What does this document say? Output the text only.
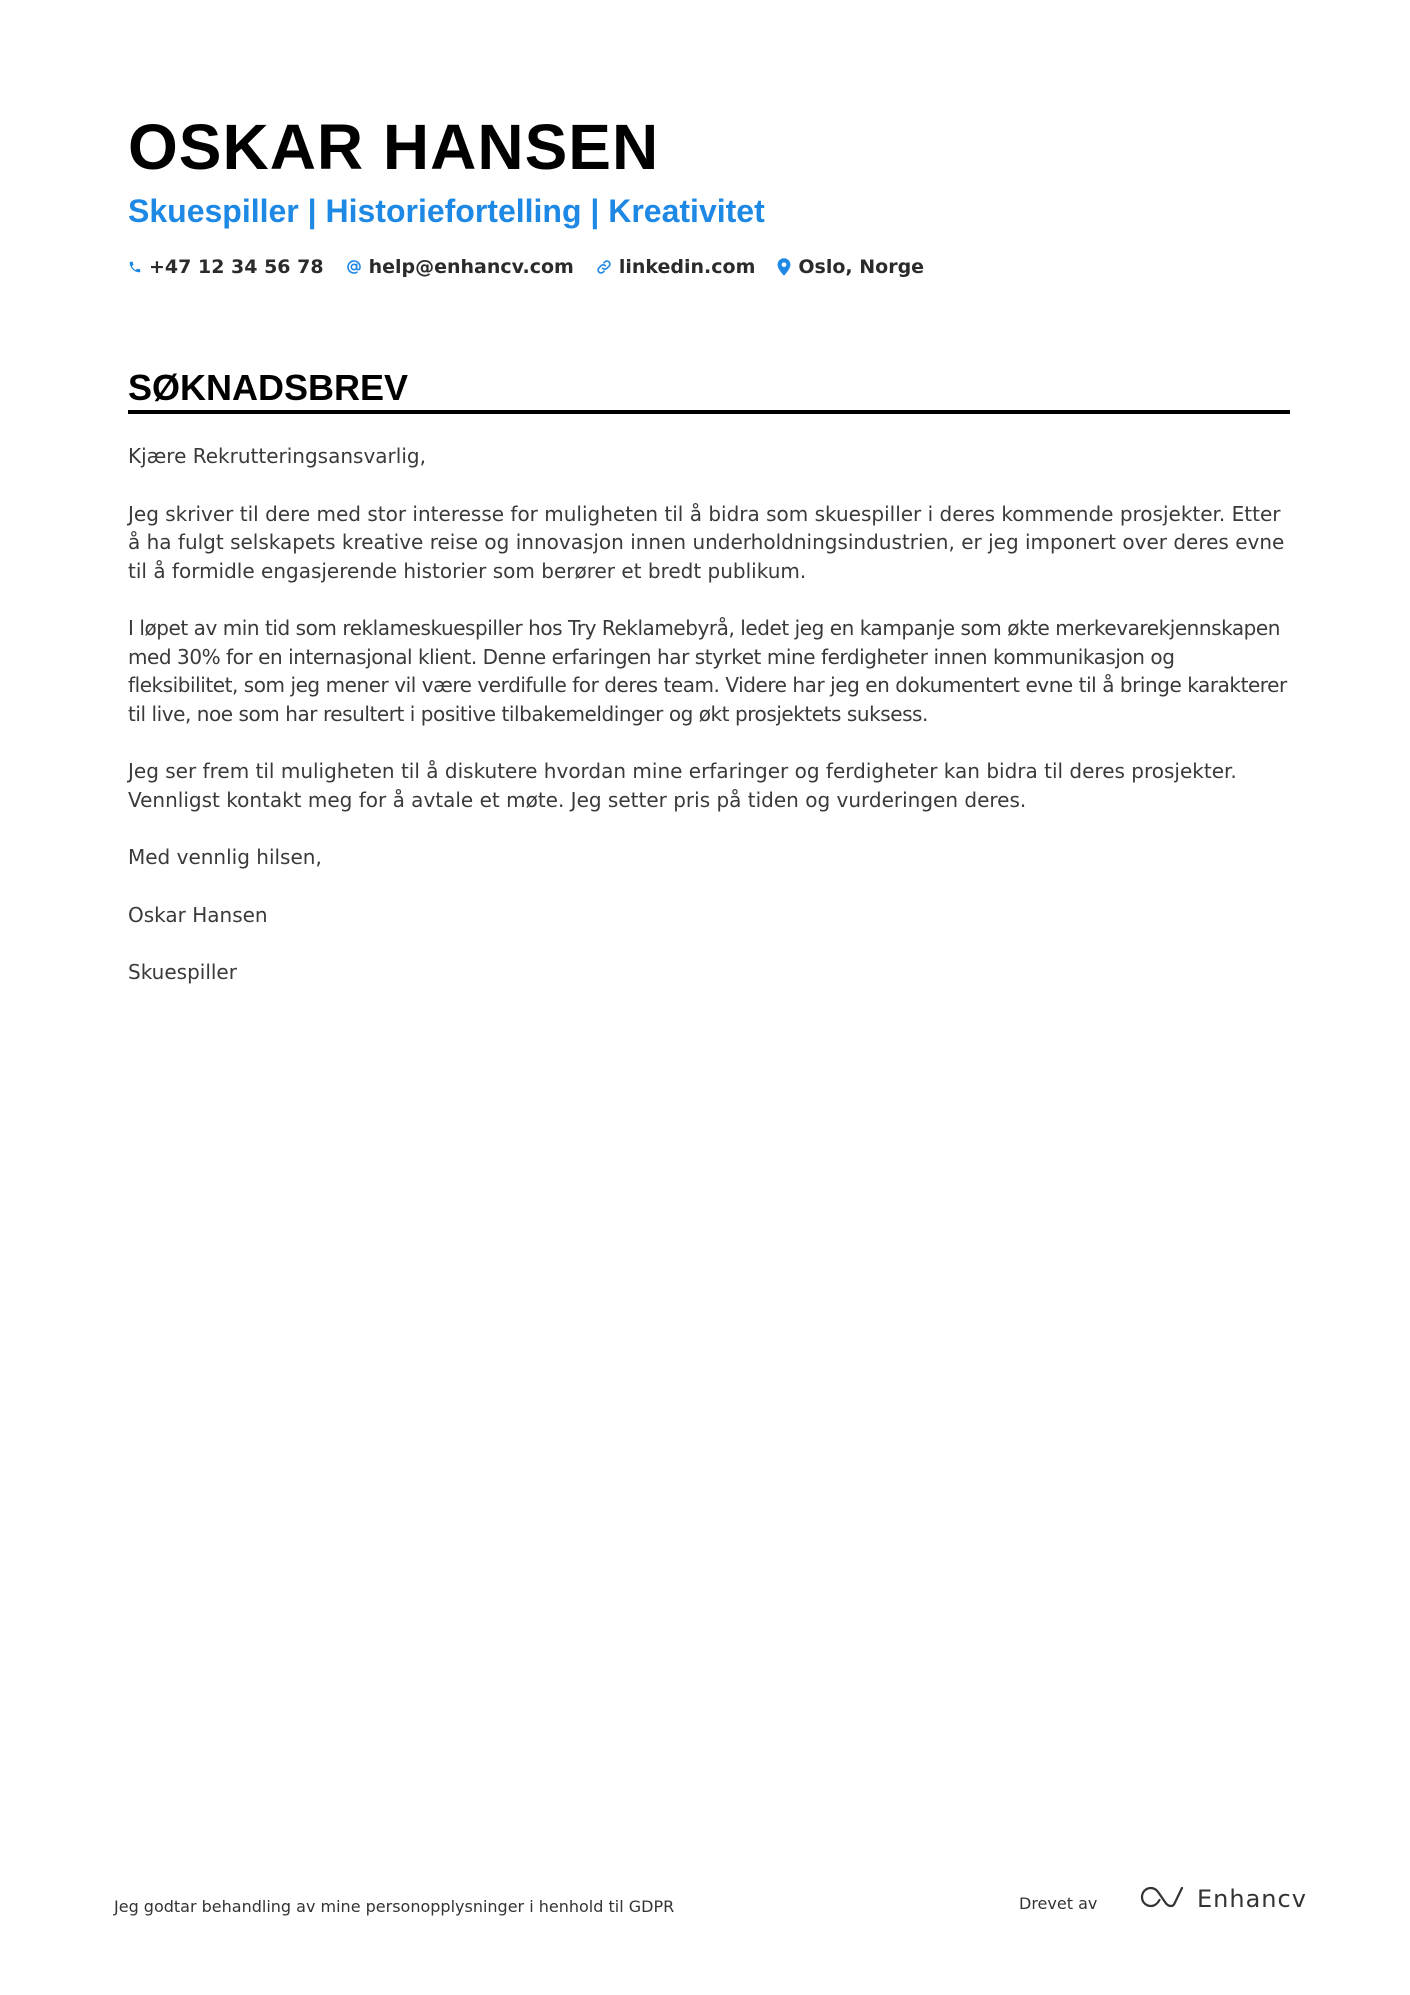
OSKAR HANSEN
Skuespiller | Historiefortelling | Kreativitet
+47 12 34 56 78 help@enhancv.com linkedin.com Oslo, Norge
SØKNADSBREV

Kjære Rekrutteringsansvarlig,

Jeg skriver til dere med stor interesse for muligheten til å bidra som skuespiller i deres kommende prosjekter. Etter å ha fulgt selskapets kreative reise og innovasjon innen underholdningsindustrien, er jeg imponert over deres evne til å formidle engasjerende historier som berører et bredt publikum.

I løpet av min tid som reklameskuespiller hos Try Reklamebyrå, ledet jeg en kampanje som økte merkevarekjennskapen med 30% for en internasjonal klient. Denne erfaringen har styrket mine ferdigheter innen kommunikasjon og fleksibilitet, som jeg mener vil være verdifulle for deres team. Videre har jeg en dokumentert evne til å bringe karakterer til live, noe som har resultert i positive tilbakemeldinger og økt prosjektets suksess.

Jeg ser frem til muligheten til å diskutere hvordan mine erfaringer og ferdigheter kan bidra til deres prosjekter. Vennligst kontakt meg for å avtale et møte. Jeg setter pris på tiden og vurderingen deres.

Med vennlig hilsen,

Oskar Hansen

Skuespiller

Jeg godtar behandling av mine personopplysninger i henhold til GDPR	Drevet av	Enhancv
